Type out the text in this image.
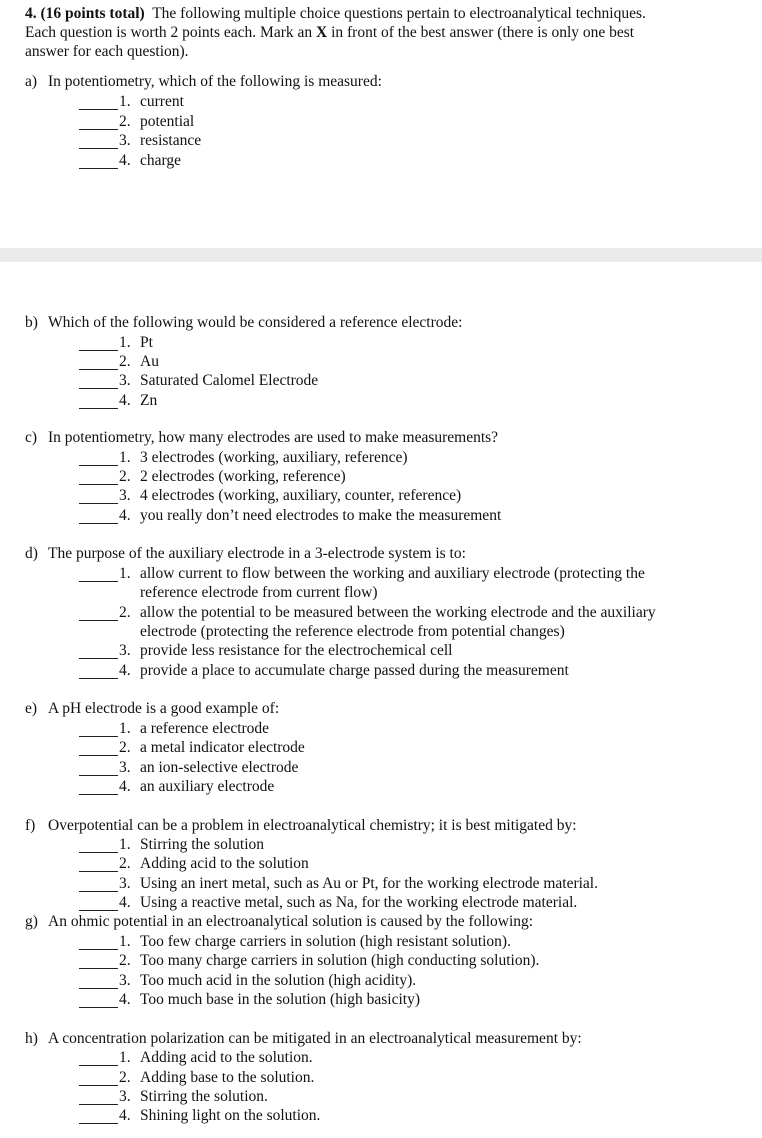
4. (16 points total) The following multiple choice questions pertain to electroanalytical techniques.
Each question is worth 2 points each. Mark an X in front of the best answer (there is only one best
answer for each question).
a) In potentiometry, which of the following is measured:
1. current
2. potential
3. resistance
4. charge
b) Which of the following would be considered a reference electrode:
1. Pt
2. Au
3. Saturated Calomel Electrode
4. Zn
c) In potentiometry, how many electrodes are used to make measurements?
1. 3 electrodes (working, auxiliary, reference)
2. 2 electrodes (working, reference)
3. 4 electrodes (working, auxiliary, counter, reference)
4. you really don’t need electrodes to make the measurement
d) The purpose of the auxiliary electrode in a 3-electrode system is to:
1. allow current to flow between the working and auxiliary electrode (protecting the
reference electrode from current flow)
2. allow the potential to be measured between the working electrode and the auxiliary
electrode (protecting the reference electrode from potential changes)
3. provide less resistance for the electrochemical cell
4. provide a place to accumulate charge passed during the measurement
e) A pH electrode is a good example of:
1. a reference electrode
2. a metal indicator electrode
3. an ion-selective electrode
4. an auxiliary electrode
f) Overpotential can be a problem in electroanalytical chemistry; it is best mitigated by:
1. Stirring the solution
2. Adding acid to the solution
3. Using an inert metal, such as Au or Pt, for the working electrode material.
4. Using a reactive metal, such as Na, for the working electrode material.
g) An ohmic potential in an electroanalytical solution is caused by the following:
1. Too few charge carriers in solution (high resistant solution).
2. Too many charge carriers in solution (high conducting solution).
3. Too much acid in the solution (high acidity).
4. Too much base in the solution (high basicity)
h) A concentration polarization can be mitigated in an electroanalytical measurement by:
1. Adding acid to the solution.
2. Adding base to the solution.
3. Stirring the solution.
4. Shining light on the solution.
